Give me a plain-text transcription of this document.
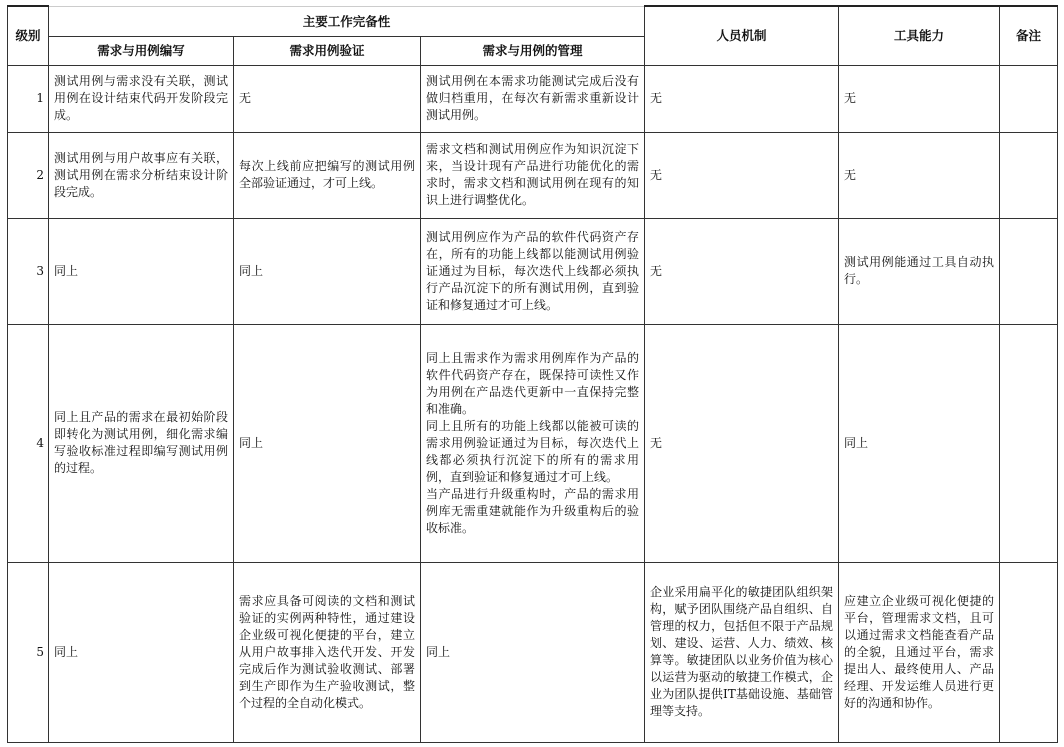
级别	主要工作完备性			人员机制	工具能力	备注
	需求与用例编写	需求用例验证	需求与用例的管理			
1	测试用例与需求没有关联，测试用例在设计结束代码开发阶段完成。	无	测试用例在本需求功能测试完成后没有做归档重用，在每次有新需求重新设计测试用例。	无	无	
2	测试用例与用户故事应有关联，测试用例在需求分析结束设计阶段完成。	每次上线前应把编写的测试用例全部验证通过，才可上线。	需求文档和测试用例应作为知识沉淀下来，当设计现有产品进行功能优化的需求时，需求文档和测试用例在现有的知识上进行调整优化。	无	无	
3	同上	同上	测试用例应作为产品的软件代码资产存在，所有的功能上线都以能测试用例验证通过为目标，每次迭代上线都必须执行产品沉淀下的所有测试用例，直到验证和修复通过才可上线。	无	测试用例能通过工具自动执行。	
4	同上且产品的需求在最初始阶段即转化为测试用例，细化需求编写验收标准过程即编写测试用例的过程。	同上	同上且需求作为需求用例库作为产品的软件代码资产存在，既保持可读性又作为用例在产品迭代更新中一直保持完整和准确。
同上且所有的功能上线都以能被可读的需求用例验证通过为目标，每次迭代上线都必须执行沉淀下的所有的需求用例，直到验证和修复通过才可上线。
当产品进行升级重构时，产品的需求用例库无需重建就能作为升级重构后的验收标准。	无	同上	
5	同上	需求应具备可阅读的文档和测试验证的实例两种特性，通过建设企业级可视化便捷的平台，建立从用户故事排入迭代开发、开发完成后作为测试验收测试、部署到生产即作为生产验收测试，整个过程的全自动化模式。	同上	企业采用扁平化的敏捷团队组织架构，赋予团队围绕产品自组织、自管理的权力，包括但不限于产品规划、建设、运营、人力、绩效、核算等。敏捷团队以业务价值为核心以运营为驱动的敏捷工作模式，企业为团队提供IT基础设施、基础管理等支持。	应建立企业级可视化便捷的平台，管理需求文档，且可以通过需求文档能查看产品的全貌，且通过平台，需求提出人、最终使用人、产品经理、开发运维人员进行更好的沟通和协作。	
